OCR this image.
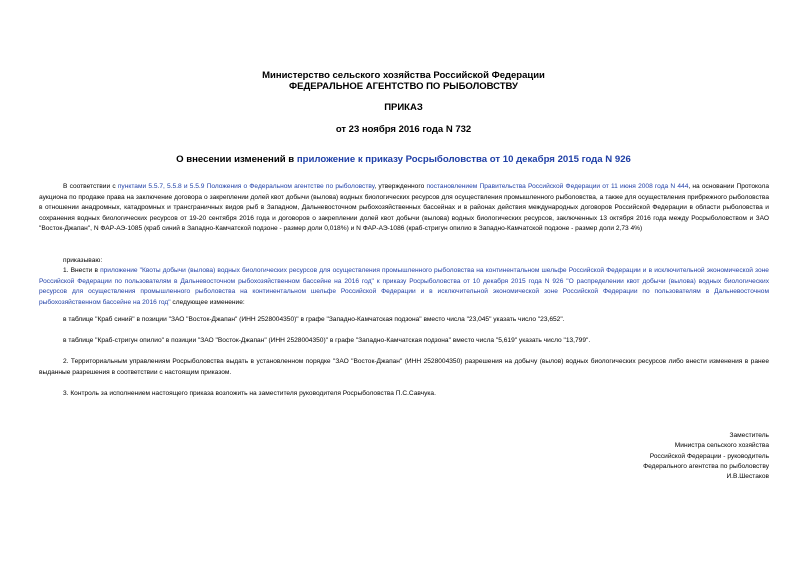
Министерство сельского хозяйства Российской Федерации
ФЕДЕРАЛЬНОЕ АГЕНТСТВО ПО РЫБОЛОВСТВУ
ПРИКАЗ
от 23 ноября 2016 года N 732
О внесении изменений в приложение к приказу Росрыболовства от 10 декабря 2015 года N 926
В соответствии с пунктами 5.5.7, 5.5.8 и 5.5.9 Положения о Федеральном агентстве по рыболовству, утвержденного постановлением Правительства Российской Федерации от 11 июня 2008 года N 444, на основании Протокола аукциона по продаже права на заключение договора о закреплении долей квот добычи (вылова) водных биологических ресурсов для осуществления промышленного рыболовства, а также для осуществления прибрежного рыболовства в отношении анадромных, катадромных и трансграничных видов рыб в Западном, Дальневосточном рыбохозяйственных бассейнах и в районах действия международных договоров Российской Федерации в области рыболовства и сохранения водных биологических ресурсов от 19-20 сентября 2016 года и договоров о закреплении долей квот добычи (вылова) водных биологических ресурсов, заключенных 13 октября 2016 года между Росрыболовством и ЗАО "Восток-Джапан", N ФАР-АЭ-1085 (краб синий в Западно-Камчатской подзоне - размер доли 0,018%) и N ФАР-АЭ-1086 (краб-стригун опилио в Западно-Камчатской подзоне - размер доли 2,73 4%)
приказываю:
1. Внести в приложение "Квоты добычи (вылова) водных биологических ресурсов для осуществления промышленного рыболовства на континентальном шельфе Российской Федерации и в исключительной экономической зоне Российской Федерации по пользователям в Дальневосточном рыбохозяйственном бассейне на 2016 год" к приказу Росрыболовства от 10 декабря 2015 года N 926 "О распределении квот добычи (вылова) водных биологических ресурсов для осуществления промышленного рыболовства на континентальном шельфе Российской Федерации и в исключительной экономической зоне Российской Федерации по пользователям в Дальневосточном рыбохозяйственном бассейне на 2016 год" следующее изменение:
в таблице "Краб синий" в позиции "ЗАО "Восток-Джапан" (ИНН 2528004350)" в графе "Западно-Камчатская подзона" вместо числа "23,045" указать число "23,652".
в таблице "Краб-стригун опилио" в позиции "ЗАО "Восток-Джапан" (ИНН 2528004350)" в графе "Западно-Камчатская подзона" вместо числа "5,619" указать число "13,799".
2. Территориальным управлениям Росрыболовства выдать в установленном порядке "ЗАО "Восток-Джапан" (ИНН 2528004350) разрешения на добычу (вылов) водных биологических ресурсов либо внести изменения в ранее выданные разрешения в соответствии с настоящим приказом.
3. Контроль за исполнением настоящего приказа возложить на заместителя руководителя Росрыболовства П.С.Савчука.
Заместитель
Министра сельского хозяйства
Российской Федерации - руководитель
Федерального агентства по рыболовству
И.В.Шестаков
